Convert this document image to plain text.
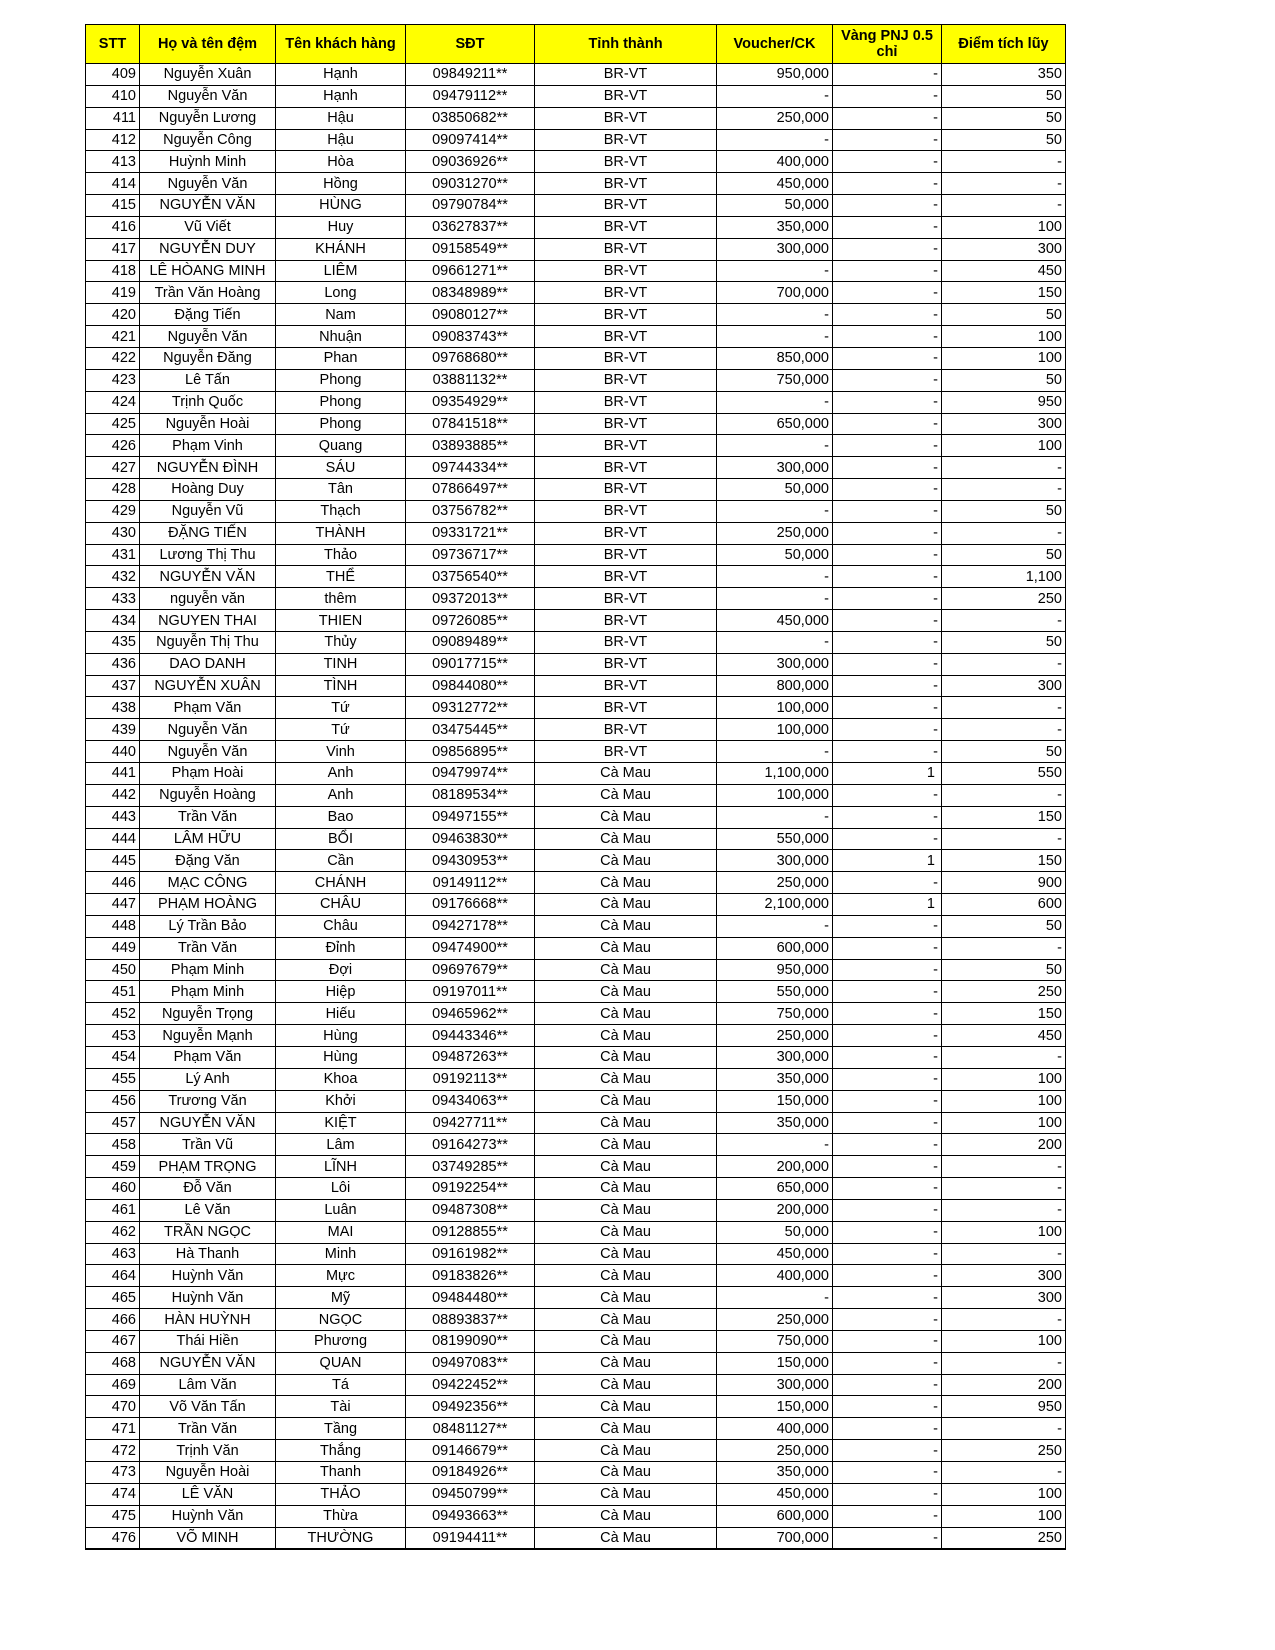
STT	Họ và tên đệm	Tên khách hàng	SĐT	Tỉnh thành	Voucher/CK	Vàng PNJ 0.5 chỉ	Điểm tích lũy
409	Nguyễn Xuân	Hạnh	09849211**	BR-VT	950,000	-	350
410	Nguyễn Văn	Hạnh	09479112**	BR-VT	-	-	50
411	Nguyễn Lương	Hậu	03850682**	BR-VT	250,000	-	50
412	Nguyễn Công	Hậu	09097414**	BR-VT	-	-	50
413	Huỳnh Minh	Hòa	09036926**	BR-VT	400,000	-	-
414	Nguyễn Văn	Hồng	09031270**	BR-VT	450,000	-	-
415	NGUYỄN VĂN	HÙNG	09790784**	BR-VT	50,000	-	-
416	Vũ Viết	Huy	03627837**	BR-VT	350,000	-	100
417	NGUYỄN DUY	KHÁNH	09158549**	BR-VT	300,000	-	300
418	LÊ HÒANG MINH	LIÊM	09661271**	BR-VT	-	-	450
419	Trần Văn Hoàng	Long	08348989**	BR-VT	700,000	-	150
420	Đặng Tiến	Nam	09080127**	BR-VT	-	-	50
421	Nguyễn Văn	Nhuận	09083743**	BR-VT	-	-	100
422	Nguyễn Đăng	Phan	09768680**	BR-VT	850,000	-	100
423	Lê Tấn	Phong	03881132**	BR-VT	750,000	-	50
424	Trịnh Quốc	Phong	09354929**	BR-VT	-	-	950
425	Nguyễn Hoài	Phong	07841518**	BR-VT	650,000	-	300
426	Phạm Vinh	Quang	03893885**	BR-VT	-	-	100
427	NGUYỄN ĐÌNH	SÁU	09744334**	BR-VT	300,000	-	-
428	Hoàng Duy	Tân	07866497**	BR-VT	50,000	-	-
429	Nguyễn Vũ	Thạch	03756782**	BR-VT	-	-	50
430	ĐẶNG TIẾN	THÀNH	09331721**	BR-VT	250,000	-	-
431	Lương Thị Thu	Thảo	09736717**	BR-VT	50,000	-	50
432	NGUYỄN VĂN	THỂ	03756540**	BR-VT	-	-	1,100
433	nguyễn văn	thêm	09372013**	BR-VT	-	-	250
434	NGUYEN THAI	THIEN	09726085**	BR-VT	450,000	-	-
435	Nguyễn Thị Thu	Thủy	09089489**	BR-VT	-	-	50
436	DAO DANH	TINH	09017715**	BR-VT	300,000	-	-
437	NGUYỄN XUÂN	TÌNH	09844080**	BR-VT	800,000	-	300
438	Phạm Văn	Tứ	09312772**	BR-VT	100,000	-	-
439	Nguyễn Văn	Tứ	03475445**	BR-VT	100,000	-	-
440	Nguyễn Văn	Vinh	09856895**	BR-VT	-	-	50
441	Phạm Hoài	Anh	09479974**	Cà Mau	1,100,000	1	550
442	Nguyễn Hoàng	Anh	08189534**	Cà Mau	100,000	-	-
443	Trần Văn	Bao	09497155**	Cà Mau	-	-	150
444	LÂM HỮU	BỔI	09463830**	Cà Mau	550,000	-	-
445	Đặng Văn	Cần	09430953**	Cà Mau	300,000	1	150
446	MẠC CÔNG	CHÁNH	09149112**	Cà Mau	250,000	-	900
447	PHẠM HOÀNG	CHÂU	09176668**	Cà Mau	2,100,000	1	600
448	Lý Trần Bảo	Châu	09427178**	Cà Mau	-	-	50
449	Trần Văn	Đỉnh	09474900**	Cà Mau	600,000	-	-
450	Phạm Minh	Đợi	09697679**	Cà Mau	950,000	-	50
451	Phạm Minh	Hiệp	09197011**	Cà Mau	550,000	-	250
452	Nguyễn Trọng	Hiếu	09465962**	Cà Mau	750,000	-	150
453	Nguyễn Mạnh	Hùng	09443346**	Cà Mau	250,000	-	450
454	Phạm Văn	Hùng	09487263**	Cà Mau	300,000	-	-
455	Lý Anh	Khoa	09192113**	Cà Mau	350,000	-	100
456	Trương Văn	Khởi	09434063**	Cà Mau	150,000	-	100
457	NGUYỄN VĂN	KIỆT	09427711**	Cà Mau	350,000	-	100
458	Trần Vũ	Lâm	09164273**	Cà Mau	-	-	200
459	PHẠM TRỌNG	LĨNH	03749285**	Cà Mau	200,000	-	-
460	Đỗ Văn	Lôi	09192254**	Cà Mau	650,000	-	-
461	Lê Văn	Luân	09487308**	Cà Mau	200,000	-	-
462	TRẦN NGỌC	MAI	09128855**	Cà Mau	50,000	-	100
463	Hà Thanh	Minh	09161982**	Cà Mau	450,000	-	-
464	Huỳnh Văn	Mực	09183826**	Cà Mau	400,000	-	300
465	Huỳnh Văn	Mỹ	09484480**	Cà Mau	-	-	300
466	HÀN HUỲNH	NGỌC	08893837**	Cà Mau	250,000	-	-
467	Thái Hiền	Phương	08199090**	Cà Mau	750,000	-	100
468	NGUYỄN VĂN	QUAN	09497083**	Cà Mau	150,000	-	-
469	Lâm Văn	Tá	09422452**	Cà Mau	300,000	-	200
470	Võ Văn Tấn	Tài	09492356**	Cà Mau	150,000	-	950
471	Trần Văn	Tầng	08481127**	Cà Mau	400,000	-	-
472	Trịnh Văn	Thắng	09146679**	Cà Mau	250,000	-	250
473	Nguyễn Hoài	Thanh	09184926**	Cà Mau	350,000	-	-
474	LÊ VĂN	THẢO	09450799**	Cà Mau	450,000	-	100
475	Huỳnh Văn	Thừa	09493663**	Cà Mau	600,000	-	100
476	VÕ MINH	THƯỜNG	09194411**	Cà Mau	700,000	-	250
